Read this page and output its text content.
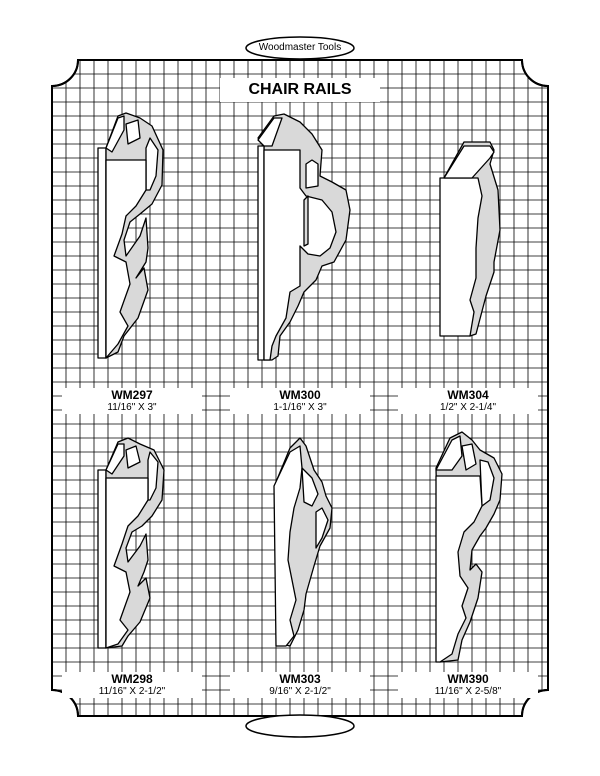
Woodmaster Tools
CHAIR RAILS
WM297
11/16" X 3"
WM300
1-1/16" X 3"
WM304
1/2" X 2-1/4"
WM298
11/16" X 2-1/2"
WM303
9/16" X 2-1/2"
WM390
11/16" X 2-5/8"
